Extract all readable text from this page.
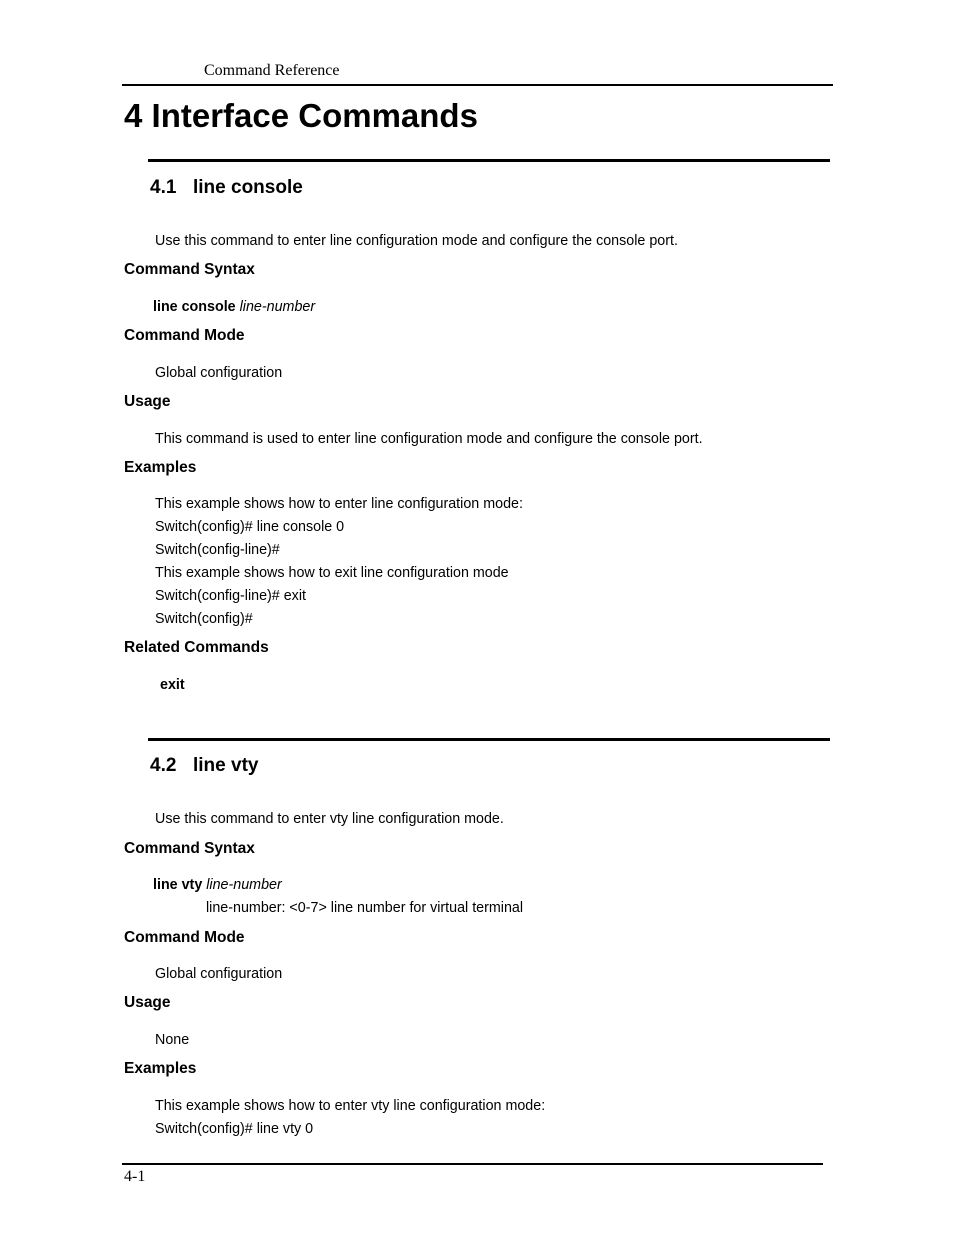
Command Reference
4 Interface Commands
4.1 line console
Use this command to enter line configuration mode and configure the console port.
Command Syntax
line console line-number
Command Mode
Global configuration
Usage
This command is used to enter line configuration mode and configure the console port.
Examples
This example shows how to enter line configuration mode:
Switch(config)# line console 0
Switch(config-line)#
This example shows how to exit line configuration mode
Switch(config-line)# exit
Switch(config)#
Related Commands
exit
4.2 line vty
Use this command to enter vty line configuration mode.
Command Syntax
line vty line-number
line-number: <0-7> line number for virtual terminal
Command Mode
Global configuration
Usage
None
Examples
This example shows how to enter vty line configuration mode:
Switch(config)# line vty 0
4-1
